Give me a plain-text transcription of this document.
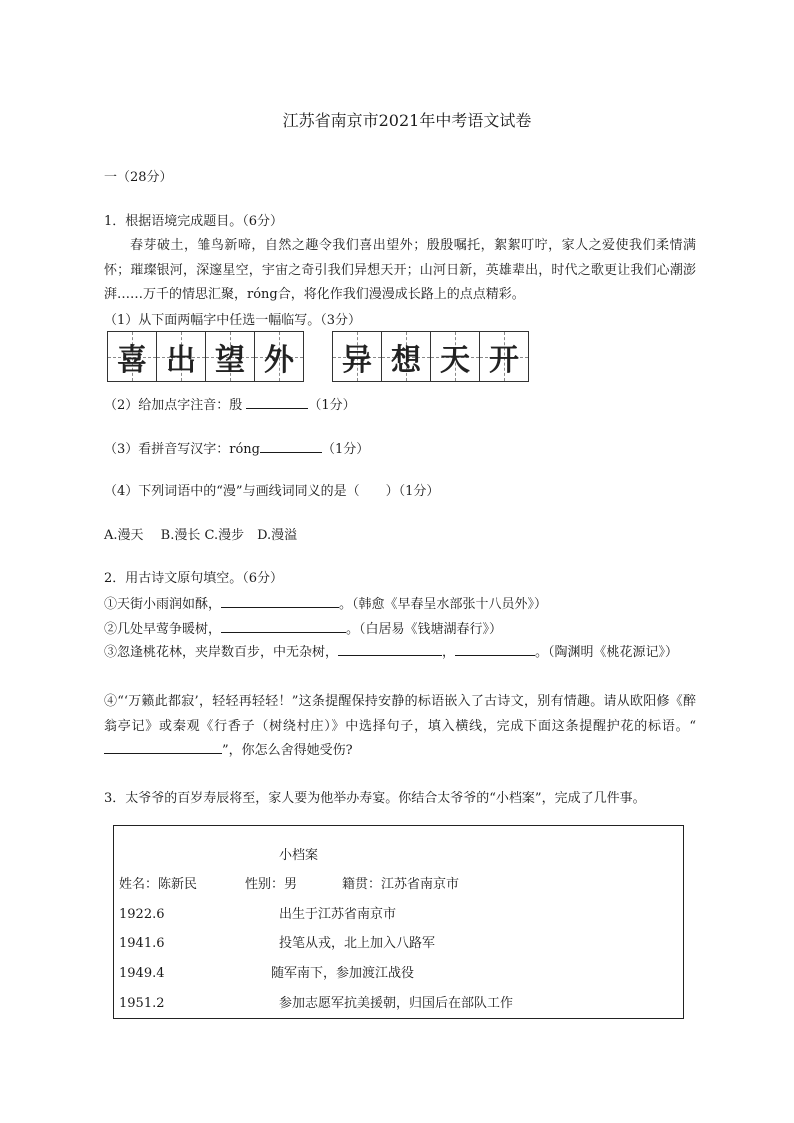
江苏省南京市2021年中考语文试卷
一（28分）
1．根据语境完成题目。（6分）
春芽破土，雏鸟新啼，自然之趣令我们喜出望外；殷殷嘱托，絮絮叮咛，家人之爱使我们柔情满怀；璀璨银河，深邃星空，宇宙之奇引我们异想天开；山河日新，英雄辈出，时代之歌更让我们心潮澎湃……万千的情思汇聚，róng合，将化作我们漫漫成长路上的点点精彩。
（1）从下面两幅字中任选一幅临写。（3分）
喜 出 望 外 异 想 天 开
（2）给加点字注音：殷	（1分）
（3）看拼音写汉字：róng	（1分）
（4）下列词语中的“漫”与画线词同义的是（　　）（1分）
A.漫天　 B.漫长 C.漫步　D.漫溢
2．用古诗文原句填空。（6分）
①天街小雨润如酥，	。（韩愈《早春呈水部张十八员外》）
②几处早莺争暖树，	。（白居易《钱塘湖春行》）
③忽逢桃花林，夹岸数百步，中无杂树，	，	。（陶渊明《桃花源记》）
④“‘万籁此都寂’，轻轻再轻轻！”这条提醒保持安静的标语嵌入了古诗文，别有情趣。请从欧阳修《醉翁亭记》或秦观《行香子（树绕村庄）》中选择句子，填入横线，完成下面这条提醒护花的标语。“”，你怎么舍得她受伤?
3．太爷爷的百岁寿辰将至，家人要为他举办寿宴。你结合太爷爷的“小档案”，完成了几件事。
小档案
姓名：陈新民	性别：男	籍贯：江苏省南京市
1922.6	出生于江苏省南京市
1941.6	投笔从戎，北上加入八路军
1949.4	随军南下，参加渡江战役
1951.2	参加志愿军抗美援朝，归国后在部队工作
